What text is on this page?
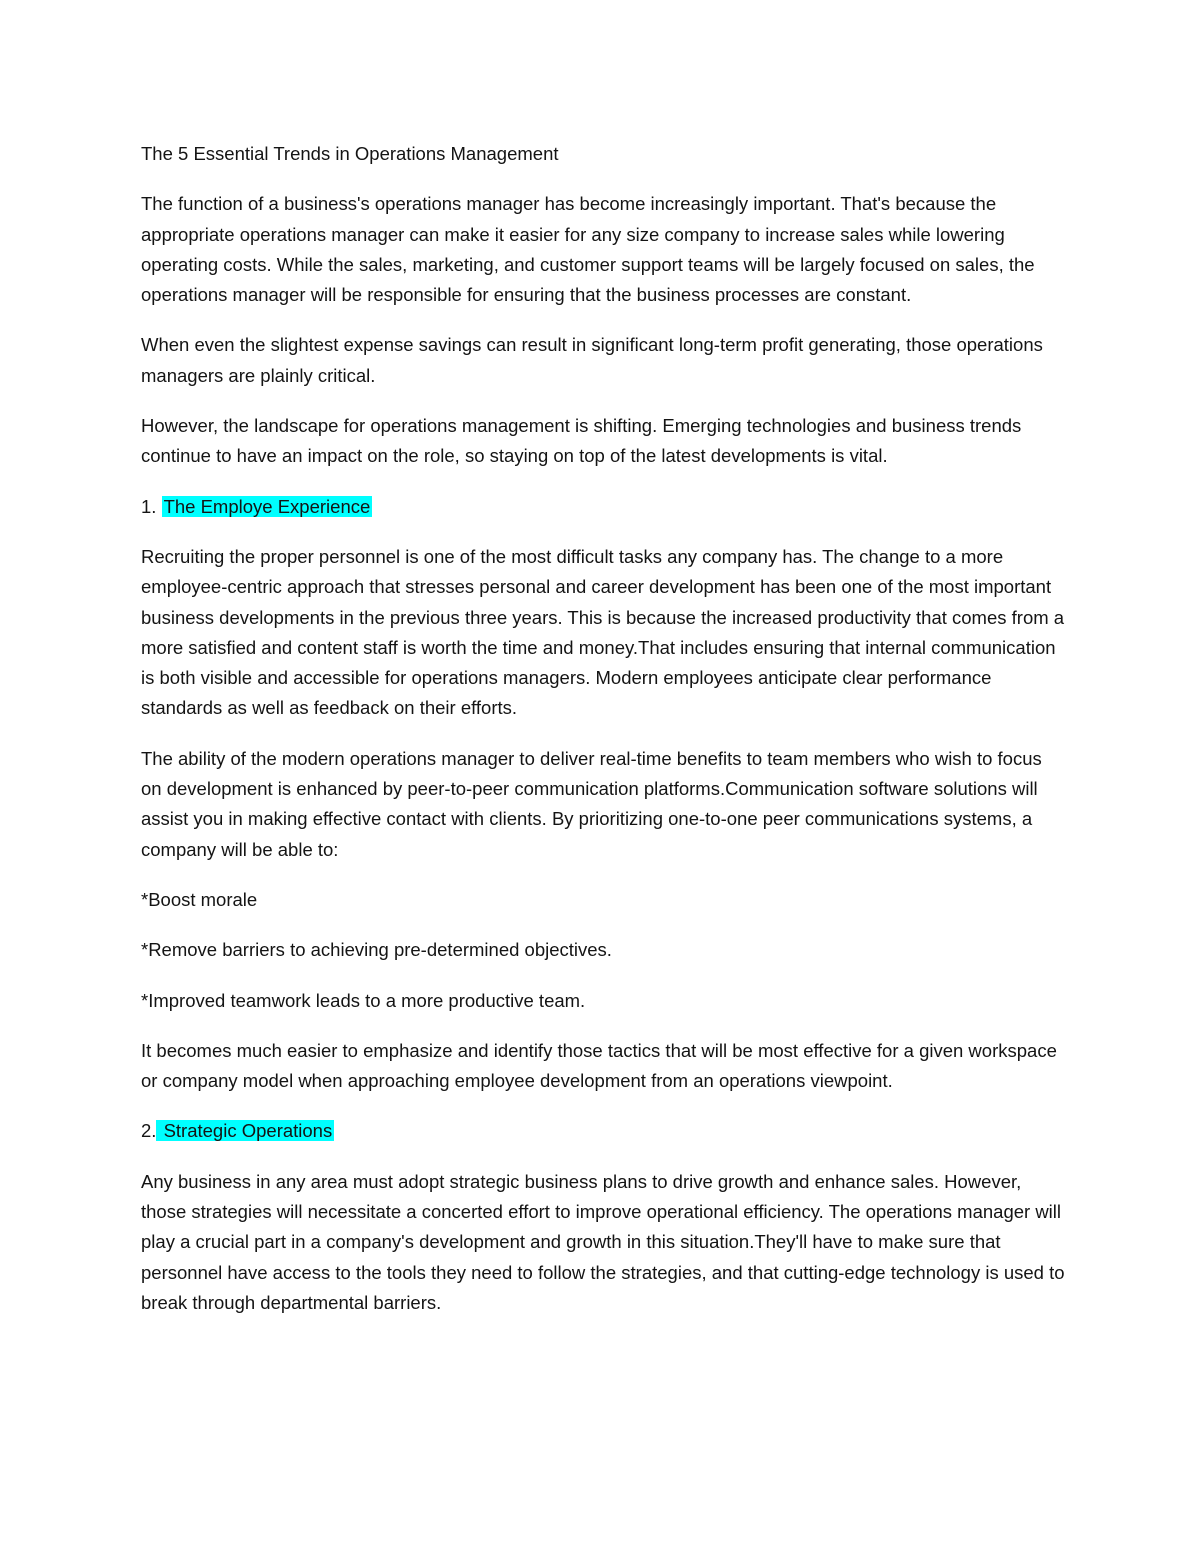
The 5 Essential Trends in Operations Management

The function of a business's operations manager has become increasingly important. That's because the appropriate operations manager can make it easier for any size company to increase sales while lowering operating costs. While the sales, marketing, and customer support teams will be largely focused on sales, the operations manager will be responsible for ensuring that the business processes are constant.

When even the slightest expense savings can result in significant long-term profit generating, those operations managers are plainly critical.

However, the landscape for operations management is shifting. Emerging technologies and business trends continue to have an impact on the role, so staying on top of the latest developments is vital.

1. The Employe Experience

Recruiting the proper personnel is one of the most difficult tasks any company has. The change to a more employee-centric approach that stresses personal and career development has been one of the most important business developments in the previous three years. This is because the increased productivity that comes from a more satisfied and content staff is worth the time and money.That includes ensuring that internal communication is both visible and accessible for operations managers. Modern employees anticipate clear performance standards as well as feedback on their efforts.

The ability of the modern operations manager to deliver real-time benefits to team members who wish to focus on development is enhanced by peer-to-peer communication platforms.Communication software solutions will assist you in making effective contact with clients. By prioritizing one-to-one peer communications systems, a company will be able to:

*Boost morale

*Remove barriers to achieving pre-determined objectives.

*Improved teamwork leads to a more productive team.

It becomes much easier to emphasize and identify those tactics that will be most effective for a given workspace or company model when approaching employee development from an operations viewpoint.

2. Strategic Operations

Any business in any area must adopt strategic business plans to drive growth and enhance sales. However, those strategies will necessitate a concerted effort to improve operational efficiency. The operations manager will play a crucial part in a company's development and growth in this situation.They'll have to make sure that personnel have access to the tools they need to follow the strategies, and that cutting-edge technology is used to break through departmental barriers.
